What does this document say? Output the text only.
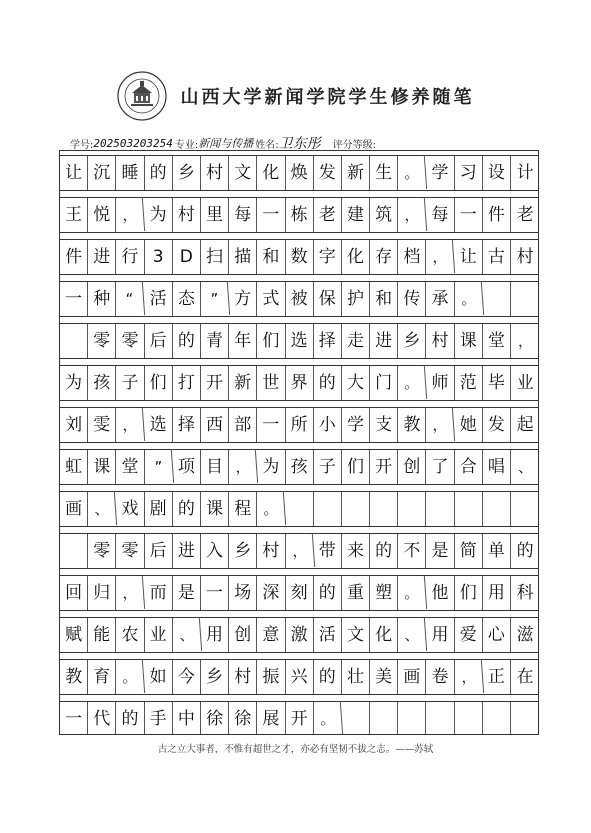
山西大学新闻学院学生修养随笔
学号: 202503203254 专业: 新闻与传播 姓名: 卫东彤 评分等级:
让 沉 睡 的 乡 村 文 化 焕 发 新 生 。 学 习 设 计
王 悦 ， 为 村 里 每 一 栋 老 建 筑 ， 每 一 件 老
件 进 行 3 D 扫 描 和 数 字 化 存 档 ， 让 古 村
一 种	“ 活 态	” 方 式 被 保 护 和 传 承 。
零 零 后 的 青 年 们 选 择 走 进 乡 村 课 堂 ，
为 孩 子 们 打 开 新 世 界 的 大 门 。 师 范 毕 业
刘 雯 ， 选 择 西 部 一 所 小 学 支 教 ， 她 发 起
虹 课 堂	” 项 目 ， 为 孩 子 们 开 创 了 合 唱 、
画 、 戏 剧 的 课 程 。
零 零 后 进 入 乡 村 ， 带 来 的 不 是 简 单 的
回 归 ， 而 是 一 场 深 刻 的 重 塑 。 他 们 用 科
赋 能 农 业 、 用 创 意 激 活 文 化 、 用 爱 心 滋
教 育 。 如 今 乡 村 振 兴 的 壮 美 画 卷 ， 正 在
一 代 的 手 中 徐 徐 展 开 。
古之立大事者，不惟有超世之才，亦必有坚韧不拔之志。——苏轼
